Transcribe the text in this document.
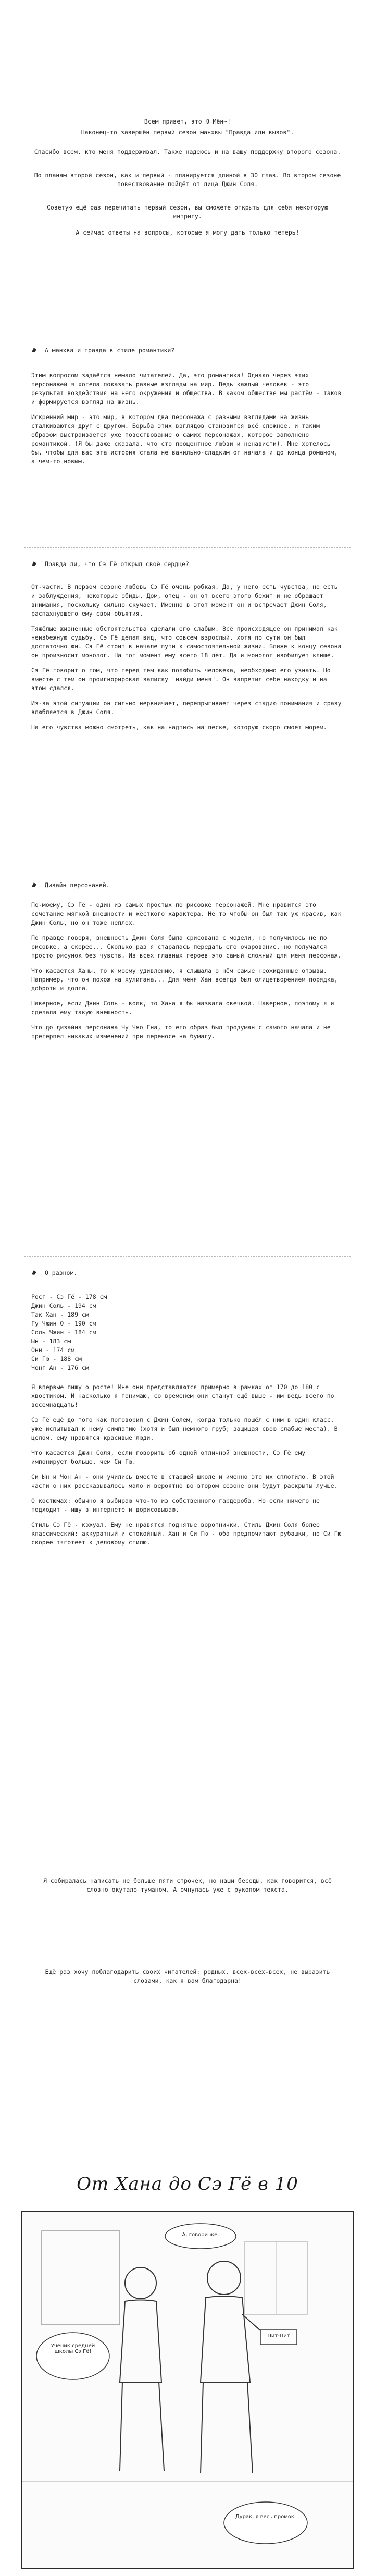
Всем привет, это Ю Мён~!

Наконец-то завершён первый сезон манхвы "Правда или вызов".

Спасибо всем, кто меня поддерживал. Также надеюсь и на вашу поддержку второго сезона.

По планам второй сезон, как и первый - планируется длиной в 30 глав. Во втором сезоне повествование пойдёт от лица Джин Соля.

Советую ещё раз перечитать первый сезон, вы сможете открыть для себя некоторую интригу.

А сейчас ответы на вопросы, которые я могу дать только теперь!

А манхва и правда в стиле романтики?

Этим вопросом задаётся немало читателей. Да, это романтика! Однако через этих персонажей я хотела показать разные взгляды на мир. Ведь каждый человек - это результат воздействия на него окружения и общества. В каком обществе мы растём - таков и формируется взгляд на жизнь.

Искренний мир - это мир, в котором два персонажа с разными взглядами на жизнь сталкиваются друг с другом. Борьба этих взглядов становится всё сложнее, и таким образом выстраивается уже повествование о самих персонажах, которое заполнено романтикой. (Я бы даже сказала, что сто процентное любви и ненависти). Мне хотелось бы, чтобы для вас эта история стала не ванильно-сладким от начала и до конца романом, а чем-то новым.

Правда ли, что Сэ Гё открыл своё сердце?

От-части. В первом сезоне любовь Сэ Гё очень робкая. Да, у него есть чувства, но есть и заблуждения, некоторые обиды. Дом, отец - он от всего этого бежит и не обращает внимания, поскольку сильно скучает. Именно в этот момент он и встречает Джин Соля, распахнувшего ему свои объятия.

Тяжёлые жизненные обстоятельства сделали его слабым. Всё происходящее он принимал как неизбежную судьбу. Сэ Гё делал вид, что совсем взрослый, хотя по сути он был достаточно юн. Сэ Гё стоит в начале пути к самостоятельной жизни. Ближе к концу сезона он произносит монолог. На тот момент ему всего 18 лет. Да и монолог изобилует клише.

Сэ Гё говорит о том, что перед тем как полюбить человека, необходимо его узнать. Но вместе с тем он проигнорировал записку "найди меня". Он запретил себе находку и на этом сдался.

Из-за этой ситуации он сильно нервничает, перепрыгивает через стадию понимания и сразу влюбляется в Джин Соля.

На его чувства можно смотреть, как на надпись на песке, которую скоро смоет морем.

Дизайн персонажей.

По-моему, Сэ Гё - один из самых простых по рисовке персонажей. Мне нравится это сочетание мягкой внешности и жёсткого характера. Не то чтобы он был так уж красив, как Джин Соль, но он тоже неплох.

По правде говоря, внешность Джин Соля была срисована с модели, но получилось не по рисовке, а скорее... Сколько раз я старалась передать его очарование, но получался просто рисунок без чувств. Из всех главных героев это самый сложный для меня персонаж.

Что касается Ханы, то к моему удивлению, я слышала о нём самые неожиданные отзывы. Например, что он похож на хулигана... Для меня Хан всегда был олицетворением порядка, доброты и долга.

Наверное, если Джин Соль - волк, то Хана я бы назвала овечкой. Наверное, поэтому я и сделала ему такую внешность.

Что до дизайна персонажа Чу Чжо Ена, то его образ был продуман с самого начала и не претерпел никаких изменений при переносе на бумагу.

О разном.
Рост - Сэ Гё - 178 см
Джин Соль - 194 см
Так Хан - 189 см
Гу Чжин О - 190 см
Соль Чжин - 184 см
Ын - 183 см
Онн - 174 см
Си Гю - 188 см
Чонг Ан - 176 см

Я впервые пишу о росте! Мне они представляются примерно в рамках от 170 до 180 с хвостиком. И насколько я понимаю, со временем они станут ещё выше - им ведь всего по восемнадцать!

Сэ Гё ещё до того как поговорил с Джин Солем, когда только пошёл с ним в один класс, уже испытывал к нему симпатию (хотя и был немного груб; защищая свою слабые места). В целом, ему нравятся красивые люди.

Что касается Джин Соля, если говорить об одной отличной внешности, Сэ Гё ему импонирует больше, чем Си Гю.

Си Ын и Чон Ан - они учились вместе в старшей школе и именно это их сплотило. В этой части о них рассказывалось мало и вероятно во втором сезоне они будут раскрыты лучше.

О костюмах: обычно я выбираю что-то из собственного гардероба. Но если ничего не подходит - ищу в интернете и дорисовываю.

Стиль Сэ Гё - кэжуал. Ему не нравятся поднятые воротнички. Стиль Джин Соля более классический: аккуратный и спокойный. Хан и Си Гю - оба предпочитают рубашки, но Си Гю скорее тяготеет к деловому стилю.

Я собиралась написать не больше пяти строчек, но наши беседы, как говорится, всё словно окутало туманом. А очнулась уже с рукопом текста.

Ещё раз хочу поблагодарить своих читателей: родных, всех-всех-всех, не выразить словами, как я вам благодарна!

От Хана до Сэ Гё в 10
Ученик средней школы Сэ Гё!
А, говори же.
Дурак, я весь промок.
Пит-Пит
